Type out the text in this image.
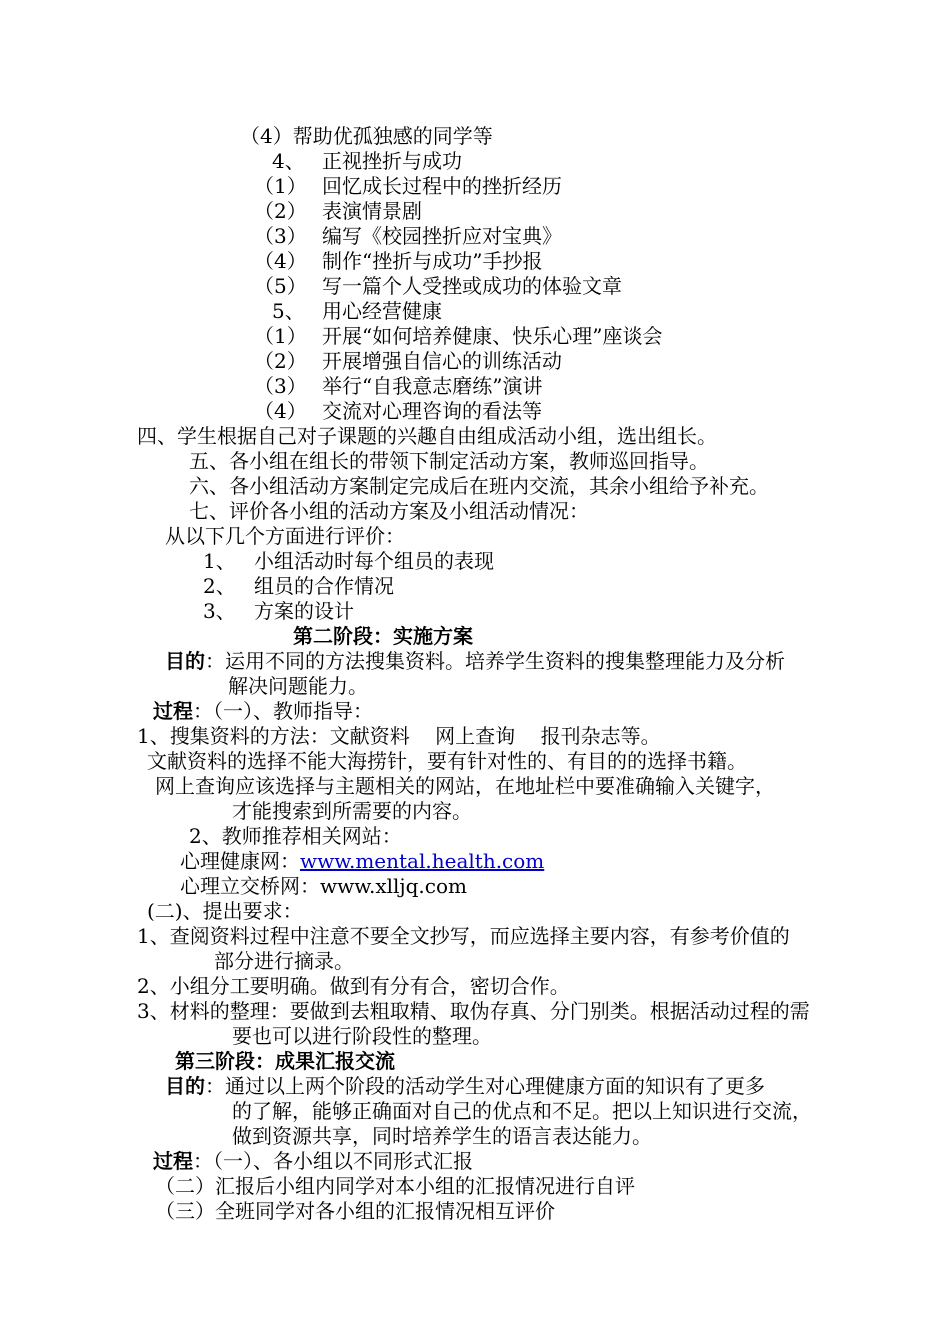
（4）帮助优孤独感的同学等
4、 正视挫折与成功
（1） 回忆成长过程中的挫折经历
（2） 表演情景剧
（3） 编写《校园挫折应对宝典》
（4） 制作“挫折与成功”手抄报
（5） 写一篇个人受挫或成功的体验文章
5、 用心经营健康
（1） 开展“如何培养健康、快乐心理”座谈会
（2） 开展增强自信心的训练活动
（3） 举行“自我意志磨练”演讲
（4） 交流对心理咨询的看法等
四、学生根据自己对子课题的兴趣自由组成活动小组，选出组长。
五、各小组在组长的带领下制定活动方案，教师巡回指导。
六、各小组活动方案制定完成后在班内交流，其余小组给予补充。
七、评价各小组的活动方案及小组活动情况：
从以下几个方面进行评价：
1、 小组活动时每个组员的表现
2、 组员的合作情况
3、 方案的设计
第二阶段：实施方案
目的：运用不同的方法搜集资料。培养学生资料的搜集整理能力及分析
解决问题能力。
过程：（一）、教师指导：
1、搜集资料的方法：文献资料    网上查询    报刊杂志等。
文献资料的选择不能大海捞针，要有针对性的、有目的的选择书籍。
网上查询应该选择与主题相关的网站，在地址栏中要准确输入关键字，
才能搜索到所需要的内容。
2、教师推荐相关网站：
心理健康网：www.mental.health.com
心理立交桥网：www.xlljq.com
(二)、提出要求：
1、查阅资料过程中注意不要全文抄写，而应选择主要内容，有参考价值的
部分进行摘录。
2、小组分工要明确。做到有分有合，密切合作。
3、材料的整理：要做到去粗取精、取伪存真、分门别类。根据活动过程的需
要也可以进行阶段性的整理。
第三阶段：成果汇报交流
目的：通过以上两个阶段的活动学生对心理健康方面的知识有了更多
的了解，能够正确面对自己的优点和不足。把以上知识进行交流，
做到资源共享，同时培养学生的语言表达能力。
过程：（一）、各小组以不同形式汇报
（二）汇报后小组内同学对本小组的汇报情况进行自评
（三）全班同学对各小组的汇报情况相互评价
